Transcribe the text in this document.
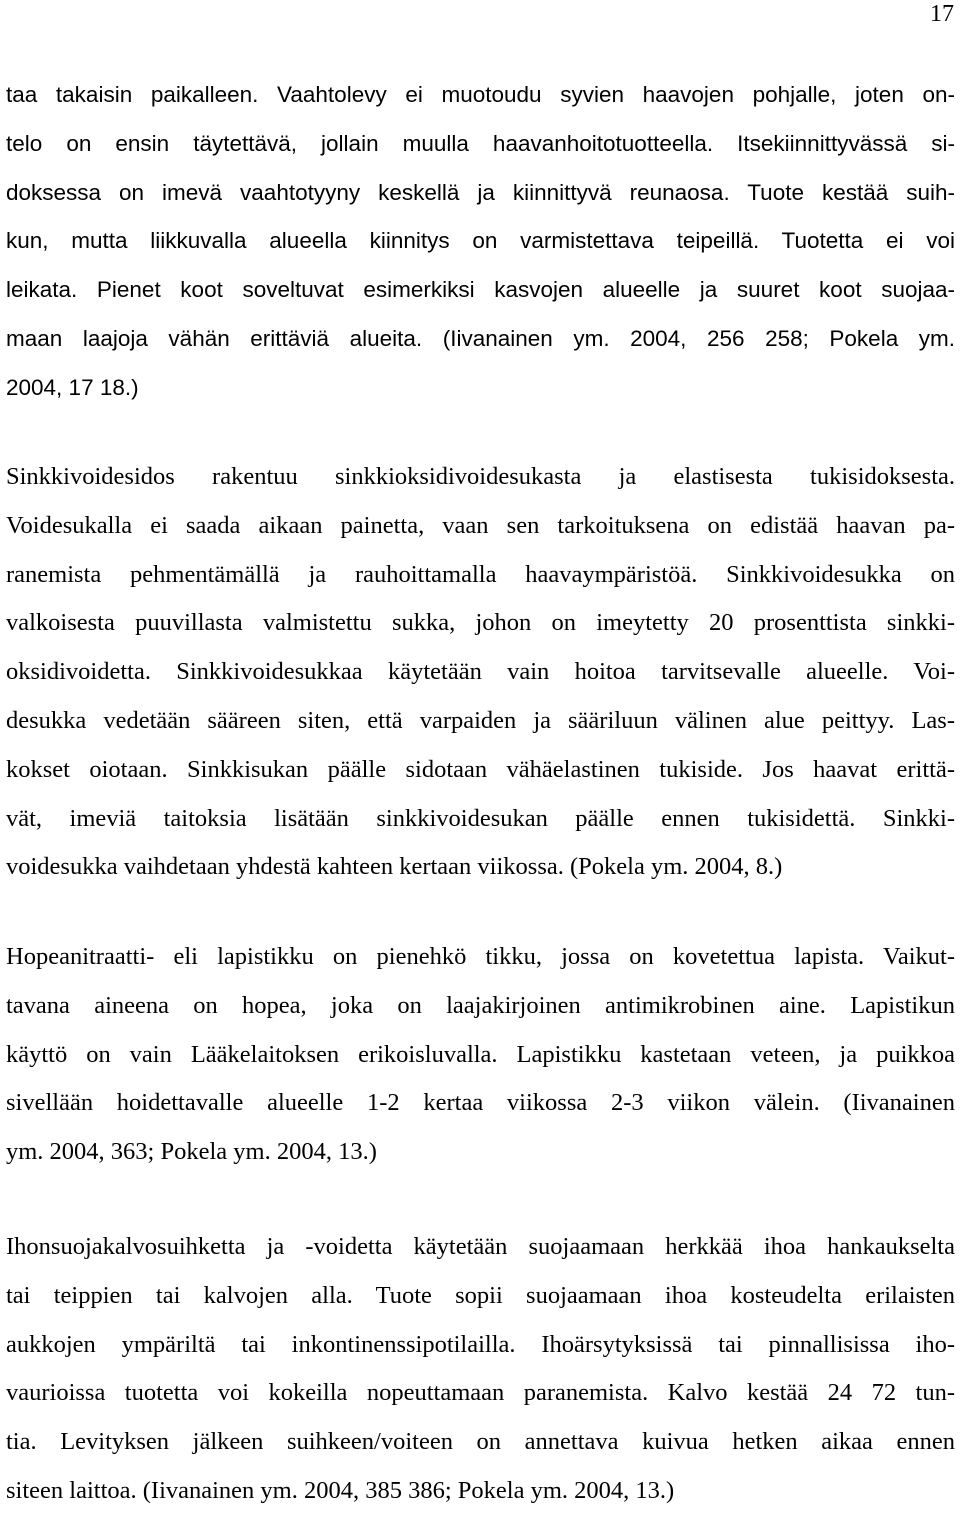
17
taa takaisin paikalleen. Vaahtolevy ei muotoudu syvien haavojen pohjalle, joten on-
telo on ensin täytettävä, jollain muulla haavanhoitotuotteella. Itsekiinnittyvässä si-
doksessa on imevä vaahtotyyny keskellä ja kiinnittyvä reunaosa. Tuote kestää suih-
kun, mutta liikkuvalla alueella kiinnitys on varmistettava teipeillä. Tuotetta ei voi
leikata. Pienet koot soveltuvat esimerkiksi kasvojen alueelle ja suuret koot suojaa-
maan laajoja vähän erittäviä alueita. (Iivanainen ym. 2004, 256 258; Pokela ym.
2004, 17 18.)
Sinkkivoidesidos rakentuu sinkkioksidivoidesukasta ja elastisesta tukisidoksesta.
Voidesukalla ei saada aikaan painetta, vaan sen tarkoituksena on edistää haavan pa-
ranemista pehmentämällä ja rauhoittamalla haavaympäristöä. Sinkkivoidesukka on
valkoisesta puuvillasta valmistettu sukka, johon on imeytetty 20 prosenttista sinkki-
oksidivoidetta. Sinkkivoidesukkaa käytetään vain hoitoa tarvitsevalle alueelle. Voi-
desukka vedetään sääreen siten, että varpaiden ja sääriluun välinen alue peittyy. Las-
kokset oiotaan. Sinkkisukan päälle sidotaan vähäelastinen tukiside. Jos haavat erittä-
vät, imeviä taitoksia lisätään sinkkivoidesukan päälle ennen tukisidettä. Sinkki-
voidesukka vaihdetaan yhdestä kahteen kertaan viikossa. (Pokela ym. 2004, 8.)
Hopeanitraatti- eli lapistikku on pienehkö tikku, jossa on kovetettua lapista. Vaikut-
tavana aineena on hopea, joka on laajakirjoinen antimikrobinen aine. Lapistikun
käyttö on vain Lääkelaitoksen erikoisluvalla. Lapistikku kastetaan veteen, ja puikkoa
sivellään hoidettavalle alueelle 1-2 kertaa viikossa 2-3 viikon välein. (Iivanainen
ym. 2004, 363; Pokela ym. 2004, 13.)
Ihonsuojakalvosuihketta ja -voidetta käytetään suojaamaan herkkää ihoa hankaukselta
tai teippien tai kalvojen alla. Tuote sopii suojaamaan ihoa kosteudelta erilaisten
aukkojen ympäriltä tai inkontinenssipotilailla. Ihoärsytyksissä tai pinnallisissa iho-
vaurioissa tuotetta voi kokeilla nopeuttamaan paranemista. Kalvo kestää 24 72 tun-
tia. Levityksen jälkeen suihkeen/voiteen on annettava kuivua hetken aikaa ennen
siteen laittoa. (Iivanainen ym. 2004, 385 386; Pokela ym. 2004, 13.)
